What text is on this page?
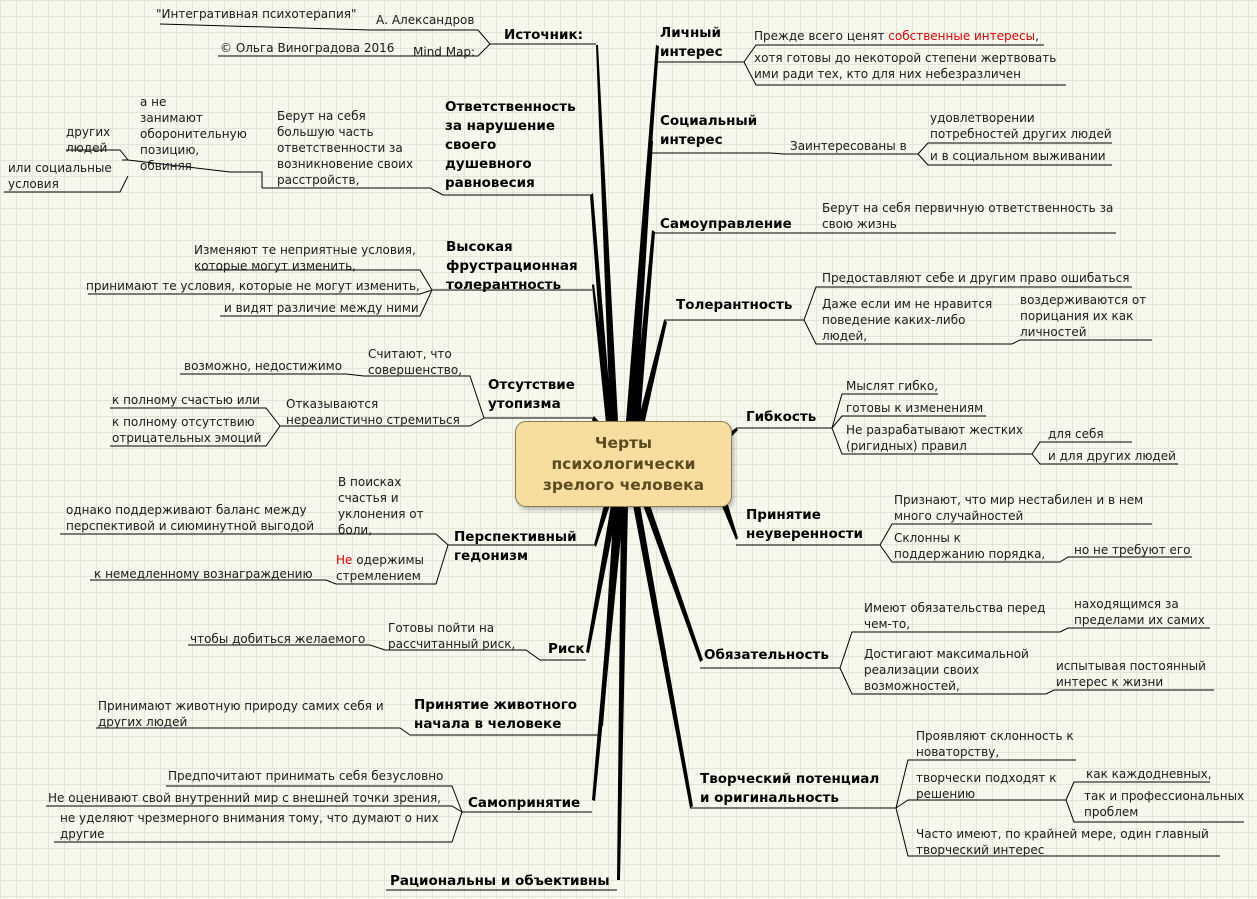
Черты
психологически
зрелого человека
Источник:
"Интегративная психотерапия" А. Александров
© Ольга Виноградова 2016 Mind Map:
Ответственность
за нарушение
своего
душевного
равновесия
Берут на себя
большую часть
ответственности за
возникновение своих
расстройств,
а не
занимают
оборонительную
позицию,
обвиняя
других
людей
или социальные
условия
Высокая
фрустрационная
толерантность
Изменяют те неприятные условия,
которые могут изменить,
принимают те условия, которые не могут изменить,
и видят различие между ними
Отсутствие
утопизма
Считают, что
совершенство,
возможно, недостижимо
Отказываются
нереалистично стремиться
к полному счастью или
к полному отсутствию
отрицательных эмоций
Перспективный
гедонизм
В поисках
счастья и
уклонения от
боли,
однако поддерживают баланс между
перспективой и сиюминутной выгодой
Не одержимы
стремлением
к немедленному вознаграждению
Риск
Готовы пойти на
рассчитанный риск,
чтобы добиться желаемого
Принятие животного
начала в человеке
Принимают животную природу самих себя и
других людей
Самопринятие
Предпочитают принимать себя безусловно
Не оценивают свой внутренний мир с внешней точки зрения,
не уделяют чрезмерного внимания тому, что думают о них
другие
Рациональны и объективны
Личный
интерес
Прежде всего ценят собственные интересы,
хотя готовы до некоторой степени жертвовать
ими ради тех, кто для них небезразличен
Социальный
интерес	Заинтересованы в
удовлетворении
потребностей других людей
и в социальном выживании
Самоуправление
Берут на себя первичную ответственность за
свою жизнь
Толерантность
Предоставляют себе и другим право ошибаться
Даже если им не нравится
поведение каких-либо
людей,
воздерживаются от
порицания их как
личностей
Гибкость
Мыслят гибко,
готовы к изменениям
Не разрабатывают жестких
(ригидных) правил
для себя
и для других людей
Принятие
неуверенности
Признают, что мир нестабилен и в нем
много случайностей
Склонны к
поддержанию порядка, но не требуют его
Обязательность
Имеют обязательства перед
чем-то,
находящимся за
пределами их самих
Достигают максимальной
реализации своих
возможностей,
испытывая постоянный
интерес к жизни
Творческий потенциал
и оригинальность
Проявляют склонность к
новаторству,
творчески подходят к
решению
как каждодневных,
так и профессиональных
проблем
Часто имеют, по крайней мере, один главный
творческий интерес
